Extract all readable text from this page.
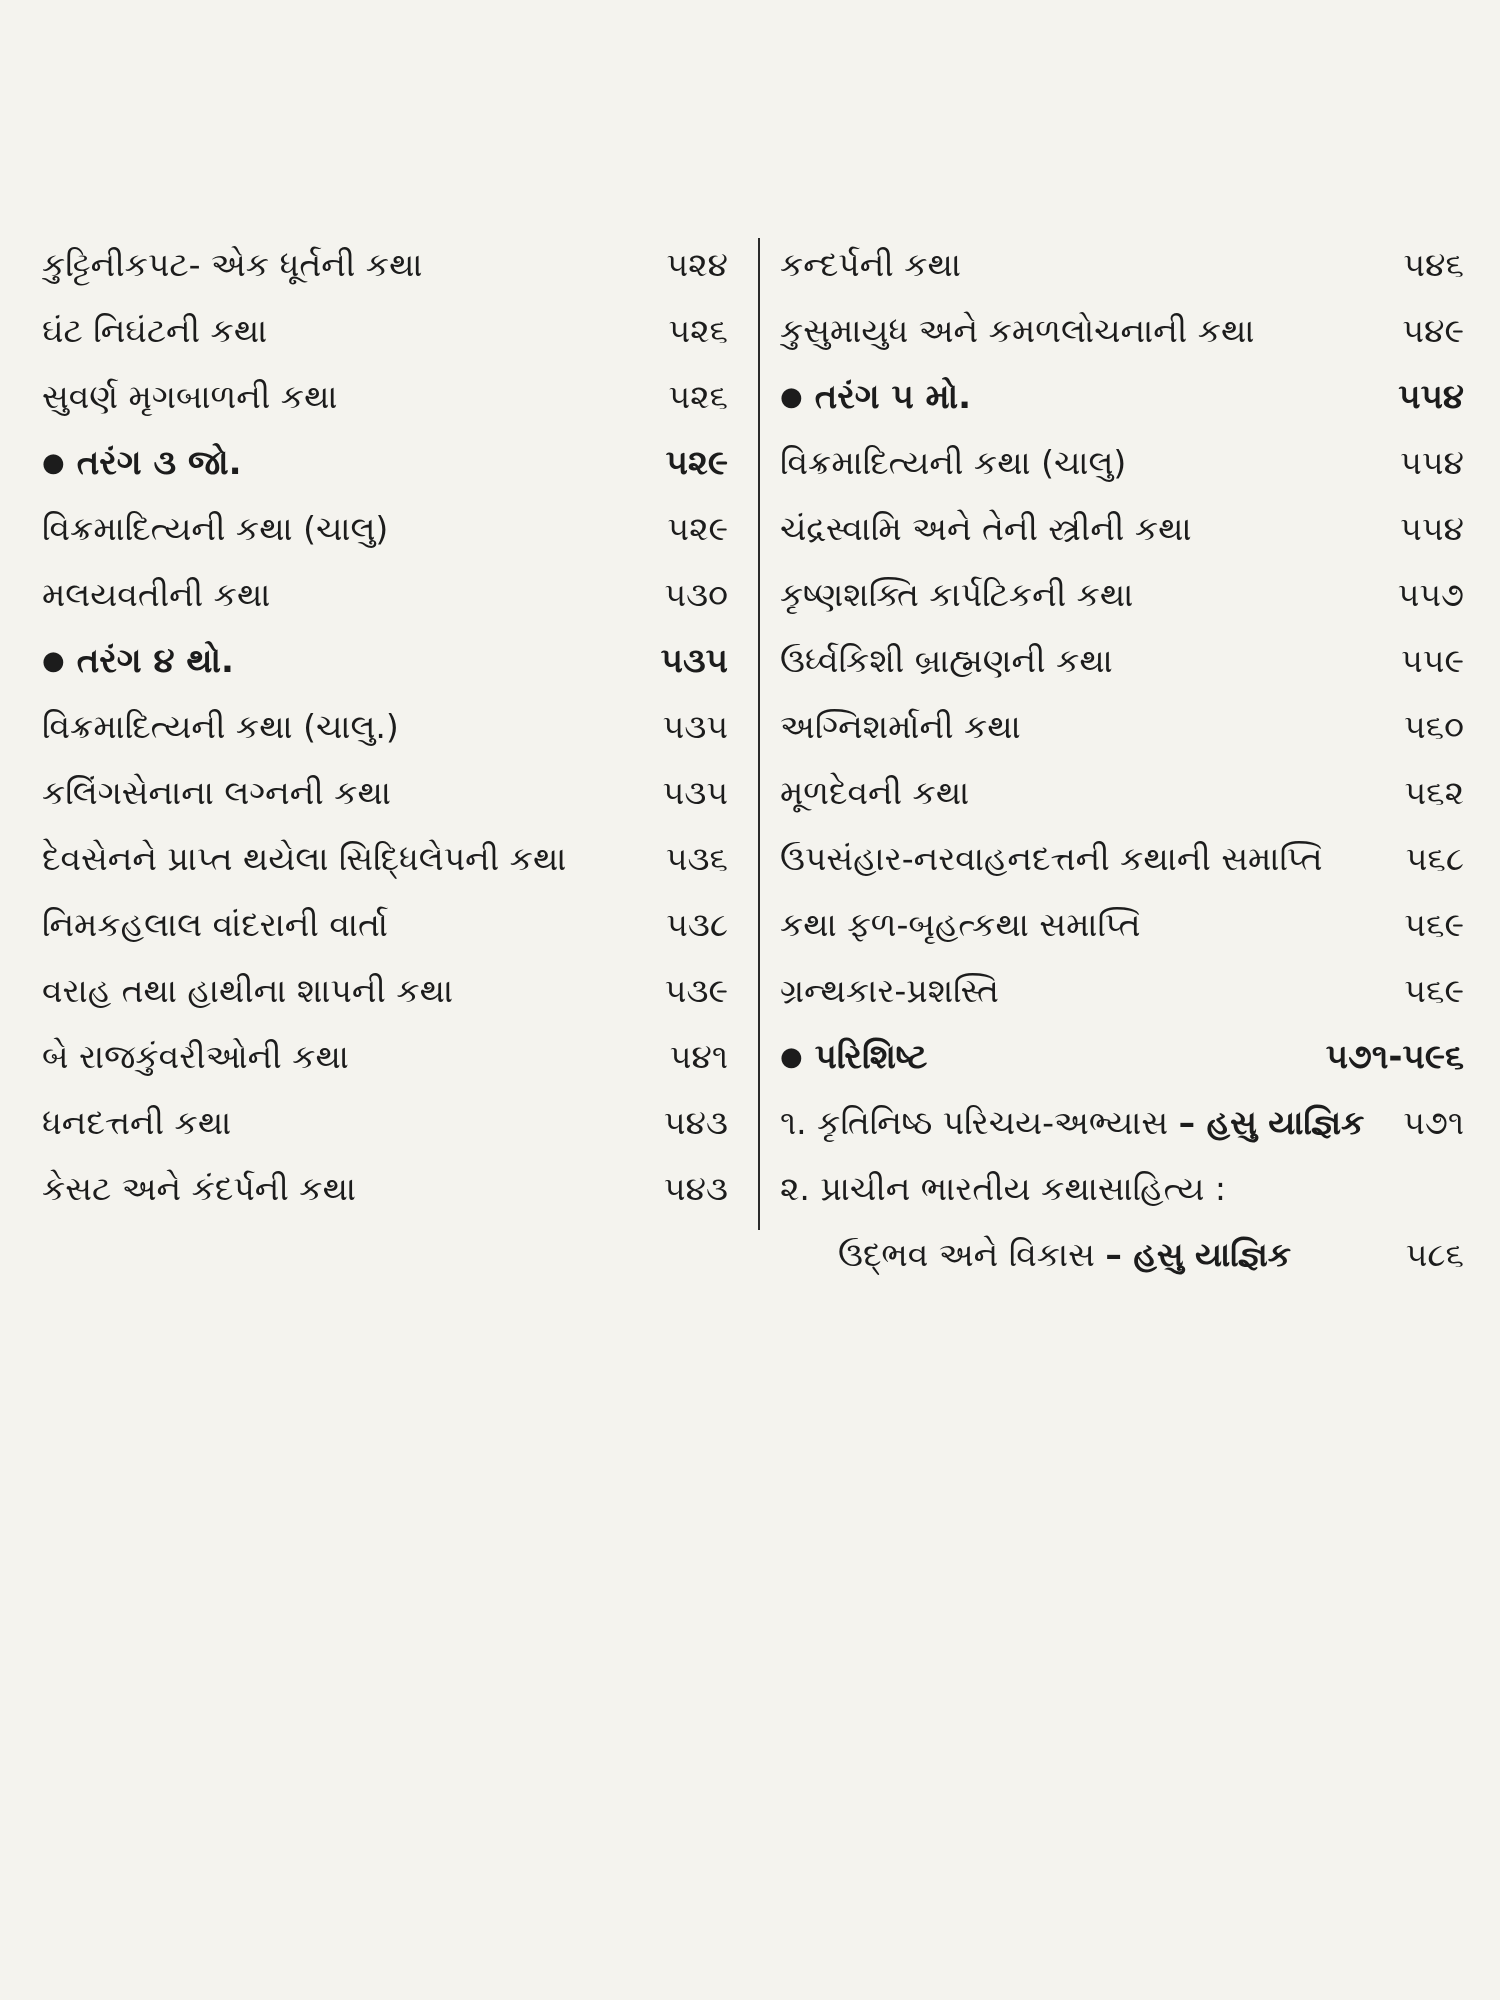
કુટ્ટિનીકપટ- એક ધૂર્તની કથા	૫૨૪
ઘંટ નિઘંટની કથા	૫૨૬
સુવર્ણ મૃગબાળની કથા	૫૨૬
● તરંગ ૩ જો.	૫૨૯
વિક્રમાદિત્યની કથા (ચાલુ)	૫૨૯
મલયવતીની કથા	૫૩૦
● તરંગ ૪ થો.	૫૩૫
વિક્રમાદિત્યની કથા (ચાલુ.)	૫૩૫
કલિંગસેનાના લગ્નની કથા	૫૩૫
દેવસેનને પ્રાપ્ત થયેલા સિદ્ધિલેપની કથા	૫૩૬
નિમકહલાલ વાંદરાની વાર્તા	૫૩૮
વરાહ તથા હાથીના શાપની કથા	૫૩૯
બે રાજકુંવરીઓની કથા	૫૪૧
ધનદત્તની કથા	૫૪૩
કેસટ અને કંદર્પની કથા	૫૪૩
કન્દર્પની કથા	૫૪૬
કુસુમાયુધ અને કમળલોચનાની કથા	૫૪૯
● તરંગ ૫ મો.	૫૫૪
વિક્રમાદિત્યની કથા (ચાલુ)	૫૫૪
ચંદ્રસ્વામિ અને તેની સ્ત્રીની કથા	૫૫૪
કૃષ્ણશક્તિ કાર્પટિકની કથા	૫૫૭
ઉર્ધ્વકિશી બ્રાહ્મણની કથા	૫૫૯
અગ્નિશર્માની કથા	૫૬૦
મૂળદેવની કથા	૫૬૨
ઉપસંહાર-નરવાહનદત્તની કથાની સમાપ્તિ	૫૬૮
કથા ફળ-બૃહત્કથા સમાપ્તિ	૫૬૯
ગ્રન્થકાર-પ્રશસ્તિ	૫૬૯
● પરિશિષ્ટ	૫૭૧-૫૯૬
૧. કૃતિનિષ્ઠ પરિચય-અભ્યાસ – હસુ યાજ્ઞિક	૫૭૧
૨. પ્રાચીન ભારતીય કથાસાહિત્ય :
ઉદ્‌ભવ અને વિકાસ – હસુ યાજ્ઞિક	૫૮૬
